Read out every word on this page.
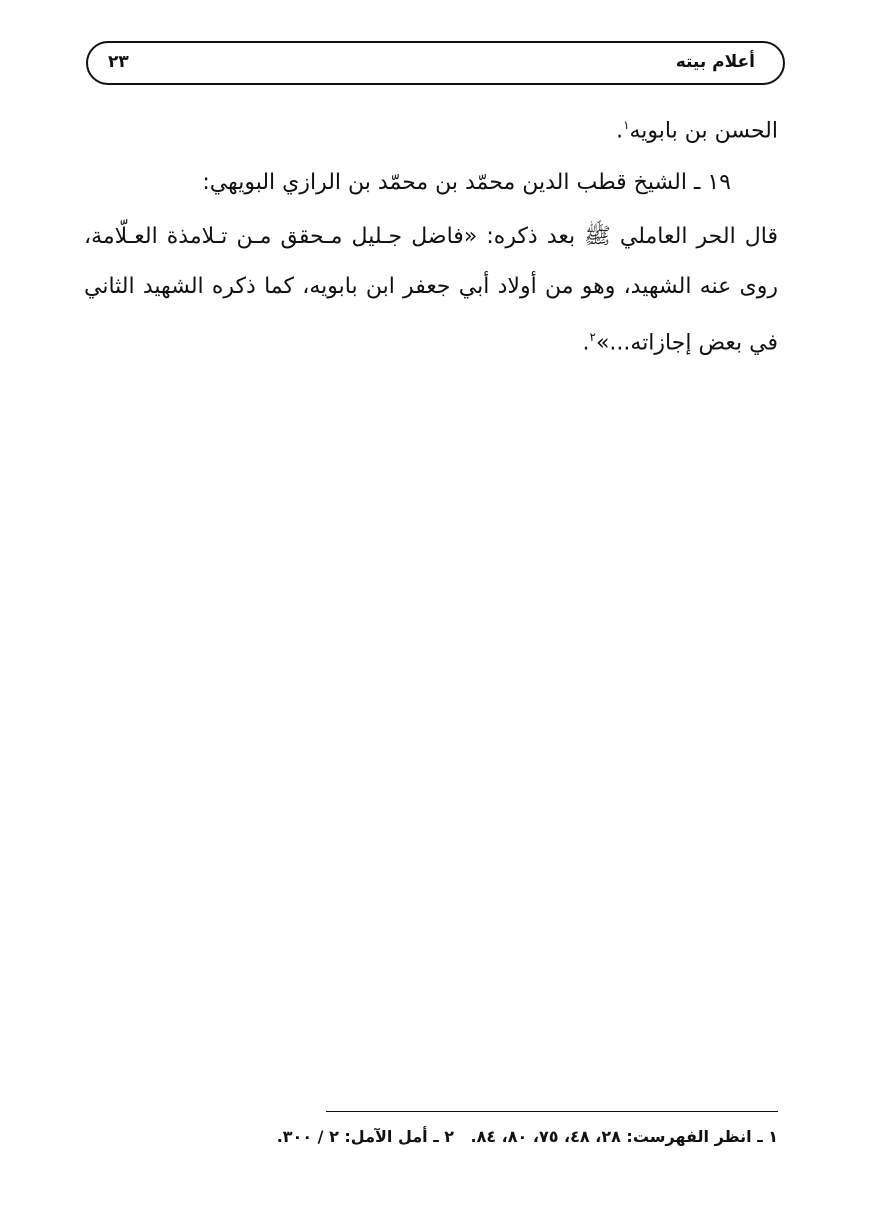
أعلام بيته
٢٣
الحسن بن بابويه$^١$.
١٩ ـ الشيخ قطب الدين محمّد بن محمّد بن الرازي البويهي:

قال الحر العاملي ﷺ بعد ذكره: «فاضل جـليل مـحقق مـن تـلامذة العـلّامة، روى عنه الشهيد، وهو من أولاد أبي جعفر ابن بابويه، كما ذكره الشهيد الثاني في بعض إجازاته...»$^٢$.

١ ـ انظر الفهرست: ٢٨، ٤٨، ٧٥، ٨٠، ٨٤.
٢ ـ أمل الآمل: ٢ / ٣٠٠.
